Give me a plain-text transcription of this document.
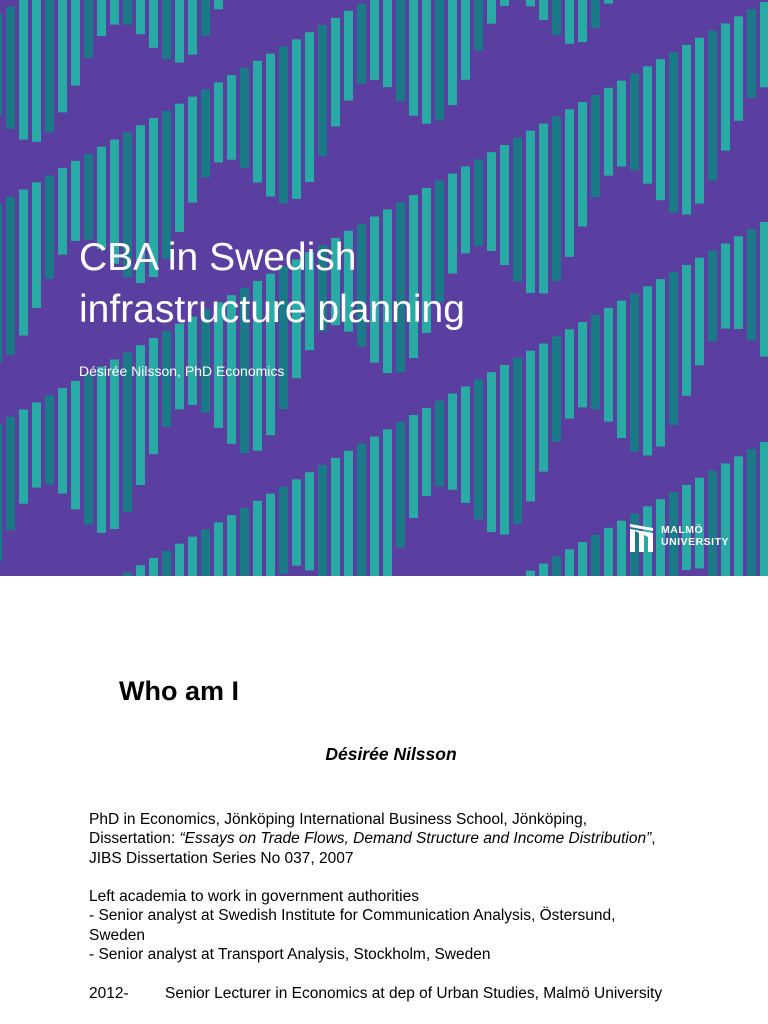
CBA in Swedish
infrastructure planning
Désirée Nilsson, PhD Economics
MALMÖ
UNIVERSITY
Who am I
Désirée Nilsson
PhD in Economics, Jönköping International Business School, Jönköping,
Dissertation: “Essays on Trade Flows, Demand Structure and Income Distribution”,
JIBS Dissertation Series No 037, 2007
Left academia to work in government authorities
- Senior analyst at Swedish Institute for Communication Analysis, Östersund,
Sweden
- Senior analyst at Transport Analysis, Stockholm, Sweden
2012- Senior Lecturer in Economics at dep of Urban Studies, Malmö University
